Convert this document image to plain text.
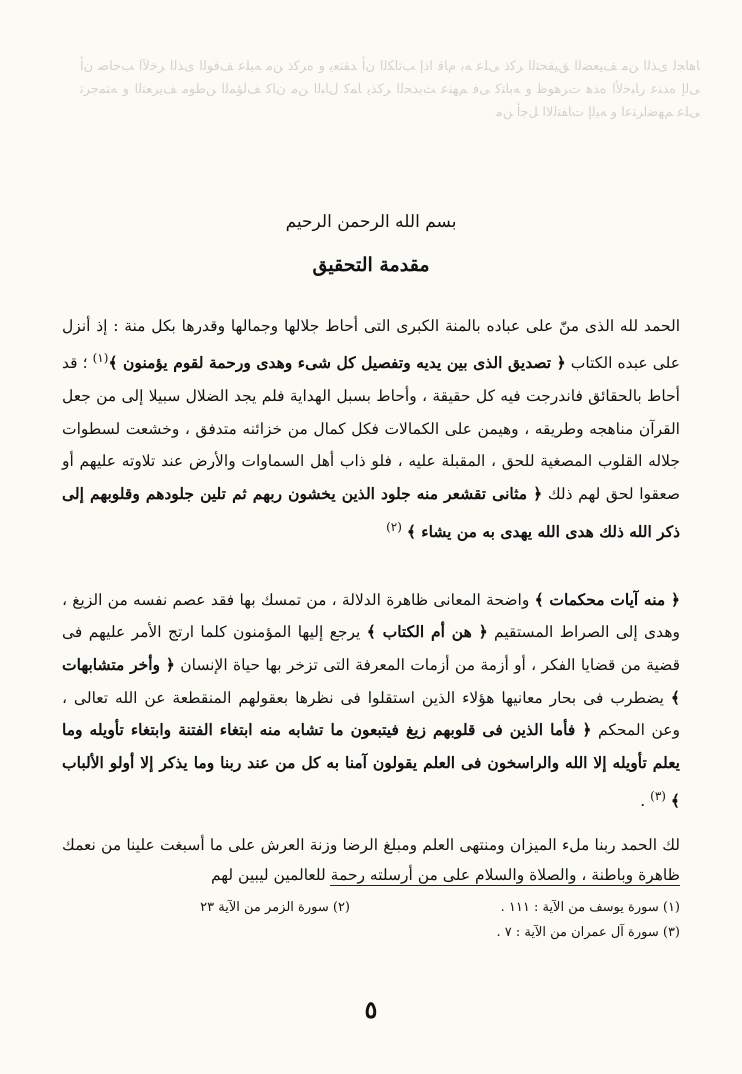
ﺎﻫﺎﺠﻟ ﻯﺬﻟﺍ ﻦﻣ ﻒﻴﻌﻀﻟﺍ ﻖﻴﻘﺤﺘﻟﺍ ﺮﻛﺫ ﻰﻠﻋ ﻪﺑ ﻡﺎﻗ ﺍﺫﺇ ﺐﺗﺎﻜﻟﺍ ﻥﺃ ﺪﻘﺘﻌﻳ ﻭ ﻩﺮﻛﺫ ﻦﻣ ﻪﻴﻠﻋ ﻒﻗﻮﻟﺍ ﻯﺬﻟﺍ ﺮﺧﻵﺍ ﺐﺣﺎﺻ ﻥﺃ ﻰﻟﺇ ﻩﺪﻨﻋ ﺭﺎﺒﺧﻷﺍ ﻩﺬﻫ ﺕﺮﻫﻮﻇ ﻭ ﻪﺑﺎﺘﻛ ﻰﻓ ﻢﻬﻨﻋ ﺚﻳﺪﺤﻟﺍ ﺮﻛﺬﻳ ﺎﻤﻛ ﻝﺎﺒﻟﺍ ﻦﻣ ﻥﺎﻛ ﻒﻟﺆﻤﻟﺍ ﻦﻃﻮﻣ ﻒﻳﺮﻌﺘﻟﺍ ﻭ ﻪﺘﻤﺟﺮﺗ ﻰﻠﻋ ﻢﻬﺿﺍﺮﺘﻋﺍ ﻭ ﻪﻴﻟﺇ ﺕﺎﻔﺘﻟﻻﺍ ﻞﺟﺃ ﻦﻣ
بسم الله الرحمن الرحيم
مقدمة التحقيق

الحمد لله الذى منّ على عباده بالمنة الكبرى التى أحاط جلالها وجمالها وقدرها بكل منة : إذ أنزل على عبده الكتاب ﴿ تصديق الذى بين يديه وتفصيل كل شىء وهدى ورحمة لقوم يؤمنون ﴾$^{(١)}$ ؛ قد أحاط بالحقائق فاندرجت فيه كل حقيقة ، وأحاط بسبل الهداية فلم يجد الضلال سبيلا إلى من جعل القرآن مناهجه وطريقه ، وهيمن على الكمالات فكل كمال من خزائنه متدفق ، وخشعت لسطوات جلاله القلوب المصغية للحق ، المقبلة عليه ، فلو ذاب أهل السماوات والأرض عند تلاوته عليهم أو صعقوا لحق لهم ذلك ﴿ مثانى تقشعر منه جلود الذين يخشون ربهم ثم تلين جلودهم وقلوبهم إلى ذكر الله ذلك هدى الله يهدى به من يشاء ﴾ $^{(٢)}$

﴿ منه آيات محكمات ﴾ واضحة المعانى ظاهرة الدلالة ، من تمسك بها فقد عصم نفسه من الزيغ ، وهدى إلى الصراط المستقيم ﴿ هن أم الكتاب ﴾ يرجع إليها المؤمنون كلما ارتج الأمر عليهم فى قضية من قضايا الفكر ، أو أزمة من أزمات المعرفة التى تزخر بها حياة الإنسان ﴿ وأخر متشابهات ﴾ يضطرب فى بحار معانيها هؤلاء الذين استقلوا فى نظرها بعقولهم المنقطعة عن الله تعالى ، وعن المحكم ﴿ فأما الذين فى قلوبهم زيغ فيتبعون ما تشابه منه ابتغاء الفتنة وابتغاء تأويله وما يعلم تأويله إلا الله والراسخون فى العلم يقولون آمنا به كل من عند ربنا وما يذكر إلا أولو الألباب ﴾ $^{(٣)}$ .

لك الحمد ربنا ملء الميزان ومنتهى العلم ومبلغ الرضا وزنة العرش على ما أسبغت علينا من نعمك ظاهرة وباطنة ، والصلاة والسلام على من أرسلته رحمة للعالمين ليبين لهم

(١) سورة يوسف من الآية : ١١١ .
(٢) سورة الزمر من الآية ٢٣
(٣) سورة آل عمران من الآية : ٧ .
٥
